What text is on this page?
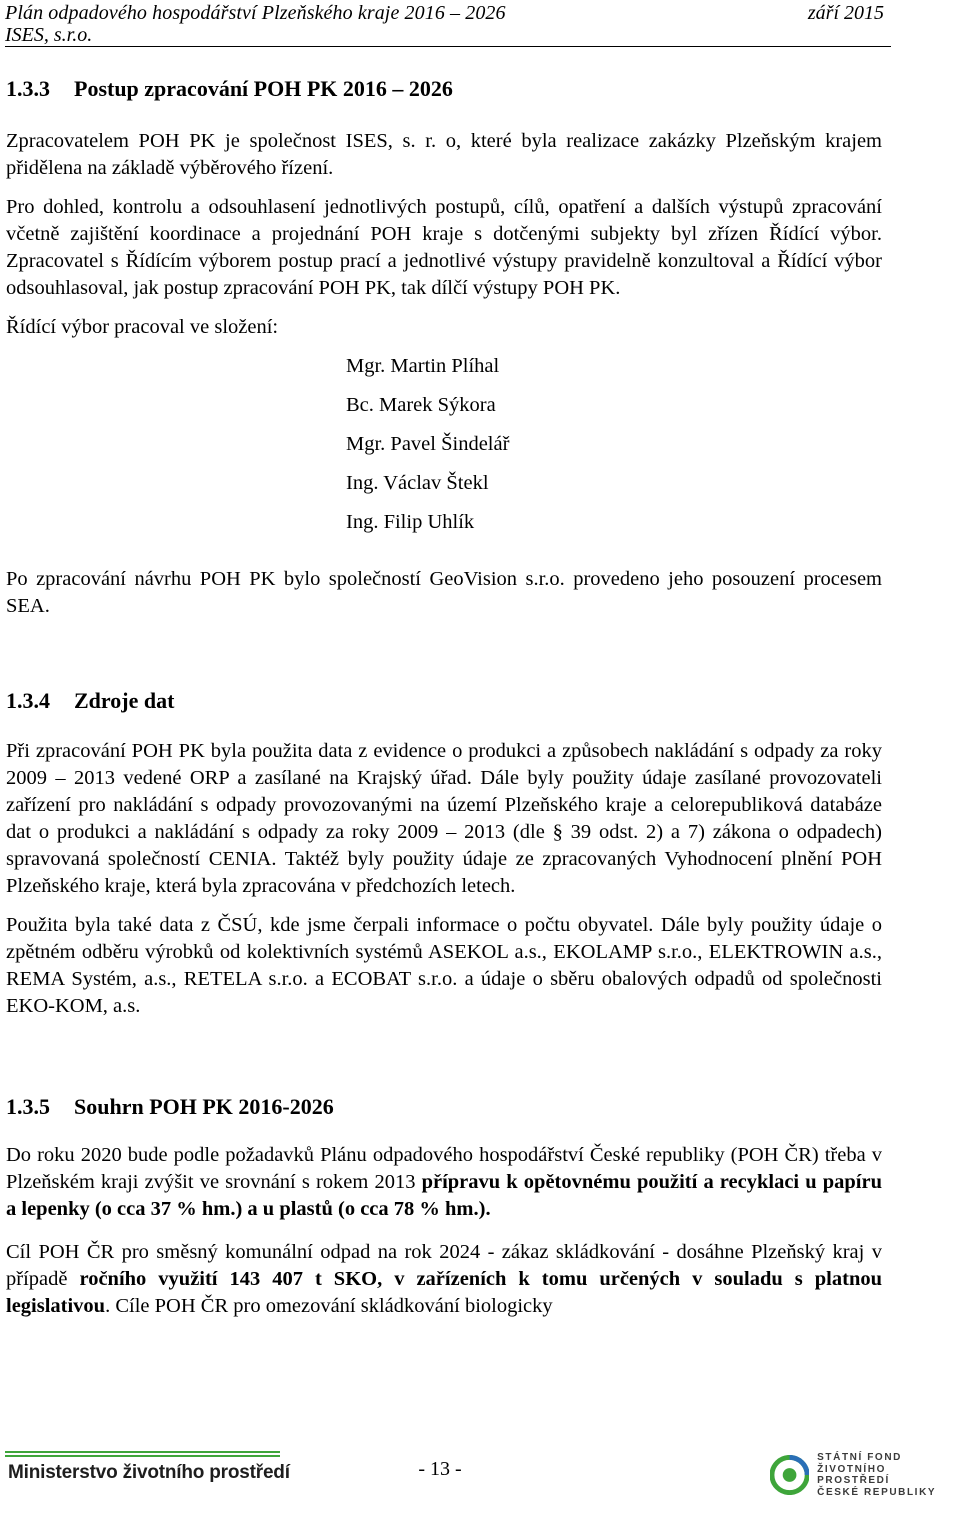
Plán odpadového hospodářství Plzeňského kraje 2016 – 2026	září 2015
ISES, s.r.o.
1.3.3 Postup zpracování POH PK 2016 – 2026

Zpracovatelem POH PK je společnost ISES, s. r. o, které byla realizace zakázky Plzeňským krajem přidělena na základě výběrového řízení.

Pro dohled, kontrolu a odsouhlasení jednotlivých postupů, cílů, opatření a dalších výstupů zpracování včetně zajištění koordinace a projednání POH kraje s dotčenými subjekty byl zřízen Řídící výbor. Zpracovatel s Řídícím výborem postup prací a jednotlivé výstupy pravidelně konzultoval a Řídící výbor odsouhlasoval, jak postup zpracování POH PK, tak dílčí výstupy POH PK.

Řídící výbor pracoval ve složení:

Mgr. Martin Plíhal
Bc. Marek Sýkora
Mgr. Pavel Šindelář
Ing. Václav Štekl
Ing. Filip Uhlík

Po zpracování návrhu POH PK bylo společností GeoVision s.r.o. provedeno jeho posouzení procesem SEA.

1.3.4 Zdroje dat

Při zpracování POH PK byla použita data z evidence o produkci a způsobech nakládání s odpady za roky 2009 – 2013 vedené ORP a zasílané na Krajský úřad. Dále byly použity údaje zasílané provozovateli zařízení pro nakládání s odpady provozovanými na území Plzeňského kraje a celorepubliková databáze dat o produkci a nakládání s odpady za roky 2009 – 2013 (dle § 39 odst. 2) a 7) zákona o odpadech) spravovaná společností CENIA. Taktéž byly použity údaje ze zpracovaných Vyhodnocení plnění POH Plzeňského kraje, která byla zpracována v předchozích letech.

Použita byla také data z ČSÚ, kde jsme čerpali informace o počtu obyvatel. Dále byly použity údaje o zpětném odběru výrobků od kolektivních systémů ASEKOL a.s., EKOLAMP s.r.o., ELEKTROWIN a.s., REMA Systém, a.s., RETELA s.r.o. a ECOBAT s.r.o. a údaje o sběru obalových odpadů od společnosti EKO-KOM, a.s.

1.3.5 Souhrn POH PK 2016-2026

Do roku 2020 bude podle požadavků Plánu odpadového hospodářství České republiky (POH ČR) třeba v Plzeňském kraji zvýšit ve srovnání s rokem 2013 přípravu k opětovnému použití a recyklaci u papíru a lepenky (o cca 37 % hm.) a u plastů (o cca 78 % hm.).

Cíl POH ČR pro směsný komunální odpad na rok 2024 - zákaz skládkování - dosáhne Plzeňský kraj v případě ročního využití 143 407 t SKO, v zařízeních k tomu určených v souladu s platnou legislativou. Cíle POH ČR pro omezování skládkování biologicky

Ministerstvo životního prostředí	- 13 -
STÁTNÍ FOND
ŽIVOTNÍHO PROSTŘEDÍ
ČESKÉ REPUBLIKY
